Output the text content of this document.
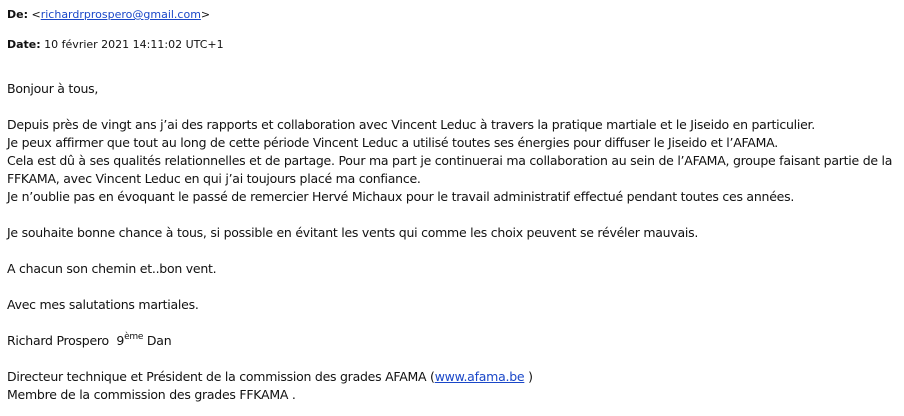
De: <richardrprospero@gmail.com>
Date: 10 février 2021 14:11:02 UTC+1
Bonjour à tous,
Depuis près de vingt ans j’ai des rapports et collaboration avec Vincent Leduc à travers la pratique martiale et le Jiseido en particulier.
Je peux affirmer que tout au long de cette période Vincent Leduc a utilisé toutes ses énergies pour diffuser le Jiseido et l’AFAMA.
Cela est dû à ses qualités relationnelles et de partage. Pour ma part je continuerai ma collaboration au sein de l’AFAMA, groupe faisant partie de la
FFKAMA, avec Vincent Leduc en qui j’ai toujours placé ma confiance.
Je n’oublie pas en évoquant le passé de remercier Hervé Michaux pour le travail administratif effectué pendant toutes ces années.
Je souhaite bonne chance à tous, si possible en évitant les vents qui comme les choix peuvent se révéler mauvais.
A chacun son chemin et..bon vent.
Avec mes salutations martiales.
Richard Prospero 9ème Dan
Directeur technique et Président de la commission des grades AFAMA (www.afama.be )
Membre de la commission des grades FFKAMA .
